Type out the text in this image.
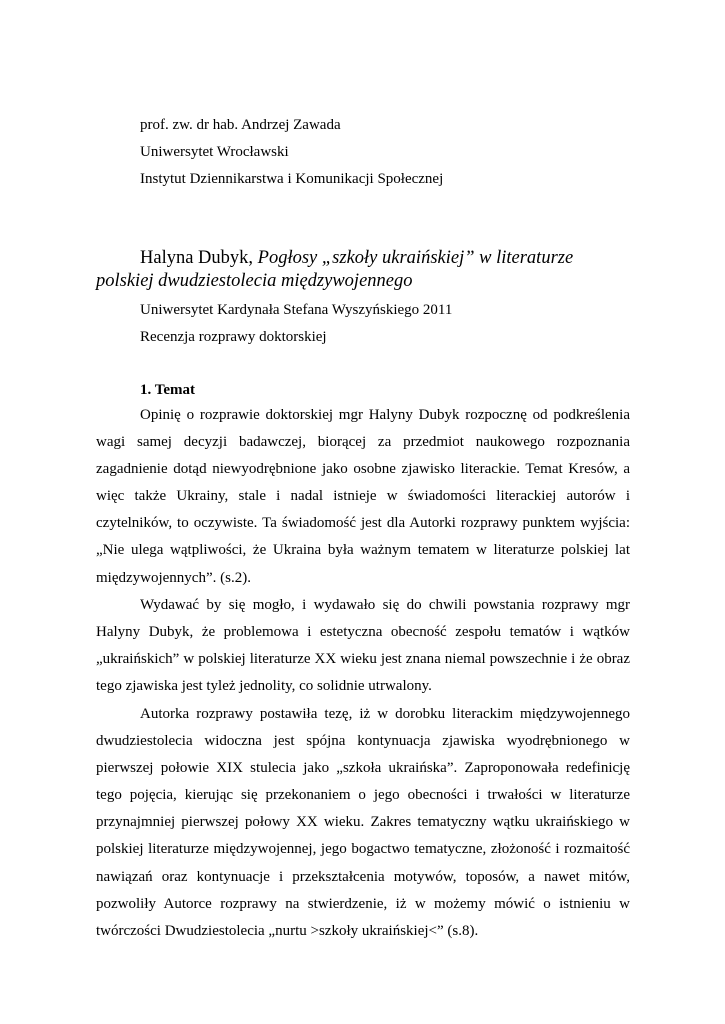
prof. zw. dr hab. Andrzej Zawada
Uniwersytet Wrocławski
Instytut Dziennikarstwa i Komunikacji Społecznej

Halyna Dubyk, Pogłosy „szkoły ukraińskiej” w literaturze polskiej dwudziestolecia międzywojennego

Uniwersytet Kardynała Stefana Wyszyńskiego 2011
Recenzja rozprawy doktorskiej
1. Temat

Opinię o rozprawie doktorskiej mgr Halyny Dubyk rozpocznę od podkreślenia wagi samej decyzji badawczej, biorącej za przedmiot naukowego rozpoznania zagadnienie dotąd niewyodrębnione jako osobne zjawisko literackie. Temat Kresów, a więc także Ukrainy, stale i nadal istnieje w świadomości literackiej autorów i czytelników, to oczywiste. Ta świadomość jest dla Autorki rozprawy punktem wyjścia: „Nie ulega wątpliwości, że Ukraina była ważnym tematem w literaturze polskiej lat międzywojennych”. (s.2).

Wydawać by się mogło, i wydawało się do chwili powstania rozprawy mgr Halyny Dubyk, że problemowa i estetyczna obecność zespołu tematów i wątków „ukraińskich” w polskiej literaturze XX wieku jest znana niemal powszechnie i że obraz tego zjawiska jest tyleż jednolity, co solidnie utrwalony.

Autorka rozprawy postawiła tezę, iż w dorobku literackim międzywojennego dwudziestolecia widoczna jest spójna kontynuacja zjawiska wyodrębnionego w pierwszej połowie XIX stulecia jako „szkoła ukraińska”. Zaproponowała redefinicję tego pojęcia, kierując się przekonaniem o jego obecności i trwałości w literaturze przynajmniej pierwszej połowy XX wieku. Zakres tematyczny wątku ukraińskiego w polskiej literaturze międzywojennej, jego bogactwo tematyczne, złożoność i rozmaitość nawiązań oraz kontynuacje i przekształcenia motywów, toposów, a nawet mitów, pozwoliły Autorce rozprawy na stwierdzenie, iż w możemy mówić o istnieniu w twórczości Dwudziestolecia „nurtu >szkoły ukraińskiej<” (s.8).
